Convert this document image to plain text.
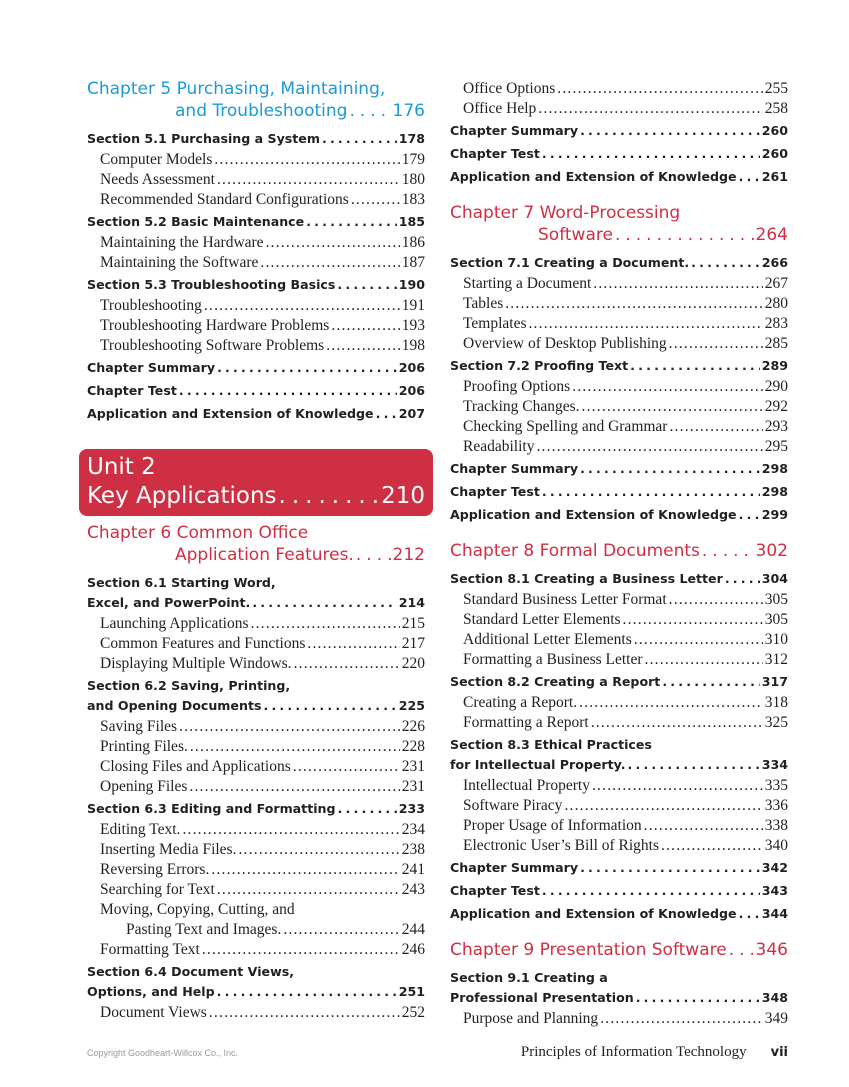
Chapter 5 Purchasing, Maintaining,
and Troubleshooting .....	176
Section 5.1 Purchasing a System .....	178
Computer Models .....	179
Needs Assessment .....	180
Recommended Standard Configurations .....	183
Section 5.2 Basic Maintenance .....	185
Maintaining the Hardware .....	186
Maintaining the Software .....	187
Section 5.3 Troubleshooting Basics .....	190
Troubleshooting .....	191
Troubleshooting Hardware Problems .....	193
Troubleshooting Software Problems .....	198
Chapter Summary .....	206
Chapter Test .....	206
Application and Extension of Knowledge ..... 207
Unit 2
Key Applications .....	210
Chapter 6 Common Office
Application Features. ..... 212
Section 6.1 Starting Word,
Excel, and PowerPoint. .....	214
Launching Applications .....	215
Common Features and Functions .....	217
Displaying Multiple Windows. .....	220
Section 6.2 Saving, Printing,
and Opening Documents .....	225
Saving Files .....	226
Printing Files. .....	228
Closing Files and Applications .....	231
Opening Files .....	231
Section 6.3 Editing and Formatting .....	233
Editing Text. .....	234
Inserting Media Files. .....	238
Reversing Errors. .....	241
Searching for Text .....	243
Moving, Copying, Cutting, and
Pasting Text and Images. .....	244
Formatting Text .....	246
Section 6.4 Document Views,
Options, and Help .....	251
Document Views .....	252
Office Options .....	255
Office Help .....	258
Chapter Summary .....	260
Chapter Test .....	260
Application and Extension of Knowledge ..... 261
Chapter 7 Word-Processing
Software .....	264
Section 7.1 Creating a Document. .....	266
Starting a Document .....	267
Tables .....	280
Templates .....	283
Overview of Desktop Publishing .....	285
Section 7.2 Proofing Text .....	289
Proofing Options .....	290
Tracking Changes. .....	292
Checking Spelling and Grammar .....	293
Readability .....	295
Chapter Summary .....	298
Chapter Test .....	298
Application and Extension of Knowledge ..... 299
Chapter 8 Formal Documents .....	302
Section 8.1 Creating a Business Letter .....	304
Standard Business Letter Format .....	305
Standard Letter Elements .....	305
Additional Letter Elements .....	310
Formatting a Business Letter .....	312
Section 8.2 Creating a Report .....	317
Creating a Report. .....	318
Formatting a Report .....	325
Section 8.3 Ethical Practices
for Intellectual Property. .....	334
Intellectual Property .....	335
Software Piracy .....	336
Proper Usage of Information .....	338
Electronic User’s Bill of Rights .....	340
Chapter Summary .....	342
Chapter Test .....	343
Application and Extension of Knowledge ..... 344
Chapter 9 Presentation Software ..... 346
Section 9.1 Creating a
Professional Presentation .....	348
Purpose and Planning .....	349
Copyright Goodheart-Willcox Co., Inc.	Principles of Information Technology vii
